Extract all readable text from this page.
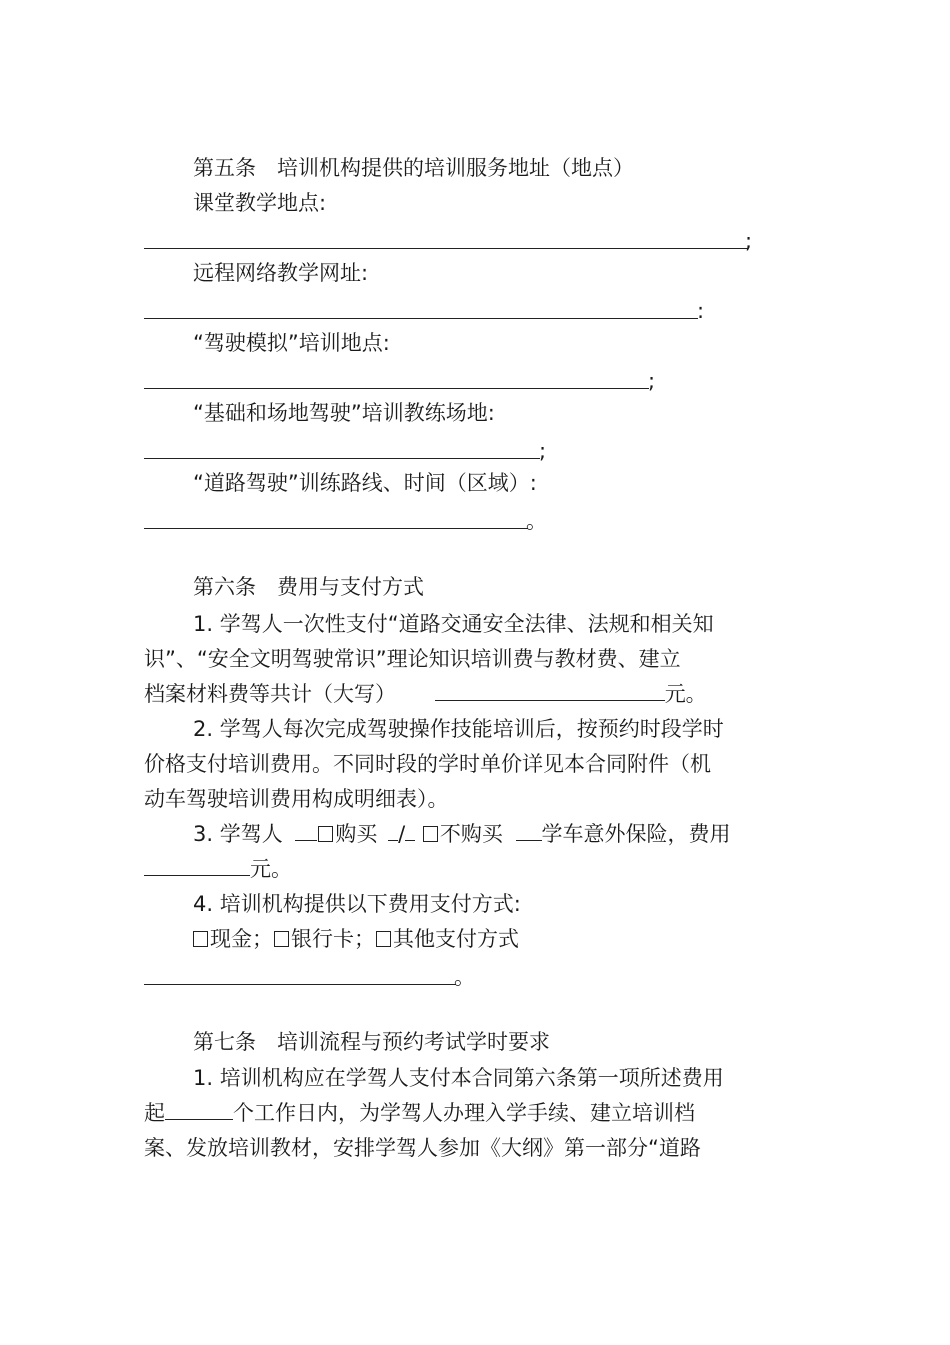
第五条　培训机构提供的培训服务地址（地点）
课堂教学地点:
;
远程网络教学网址:
:
“驾驶模拟”培训地点:
;
“基础和场地驾驶”培训教练场地:
;
“道路驾驶”训练路线、时间（区域）:
。
第六条　费用与支付方式
1. 学驾人一次性支付“道路交通安全法律、法规和相关知
识”、“安全文明驾驶常识”理论知识培训费与教材费、建立
档案材料费等共计（大写）	元。
2. 学驾人每次完成驾驶操作技能培训后，按预约时段学时
价格支付培训费用。不同时段的学时单价详见本合同附件（机
动车驾驶培训费用构成明细表）。
3. 学驾人	购买 / 不购买 学车意外保险，费用
元。
4. 培训机构提供以下费用支付方式:
现金； 银行卡； 其他支付方式
。
第七条　培训流程与预约考试学时要求
1. 培训机构应在学驾人支付本合同第六条第一项所述费用
起	个工作日内，为学驾人办理入学手续、建立培训档
案、发放培训教材，安排学驾人参加《大纲》第一部分“道路
